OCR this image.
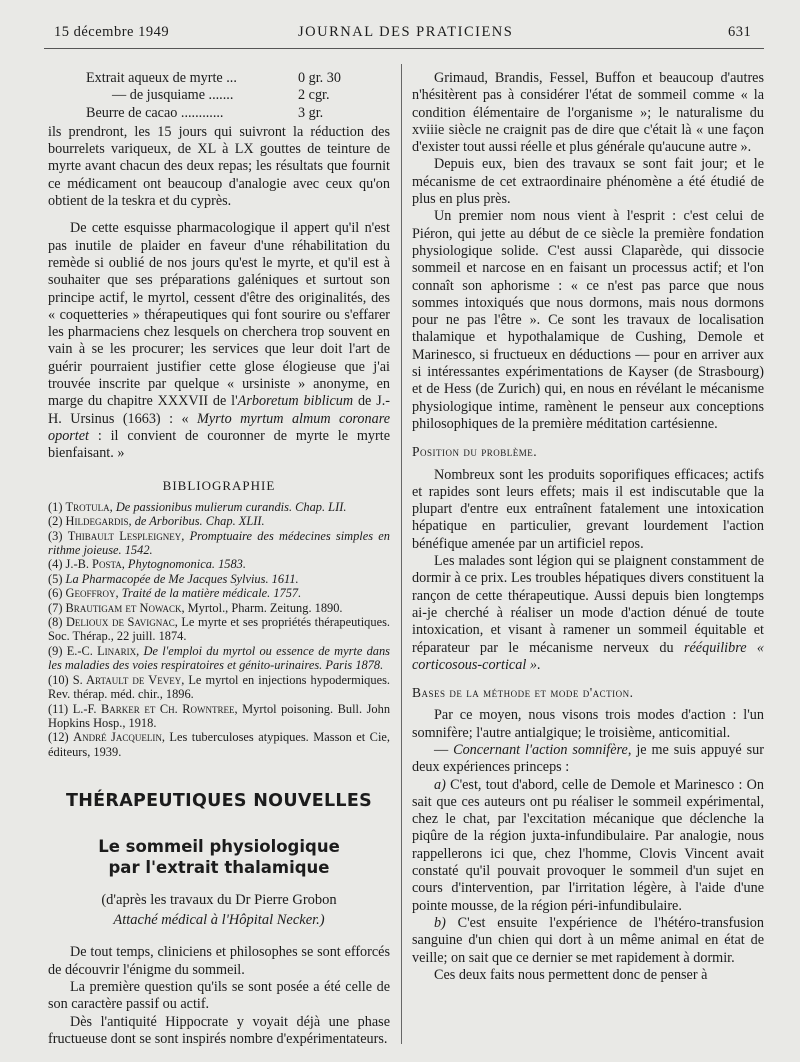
15 décembre 1949	JOURNAL DES PRATICIENS	631
Extrait aqueux de myrte ...	0 gr. 30
— de jusquiame .......	2 cgr.
Beurre de cacao ............	3 gr.

ils prendront, les 15 jours qui suivront la réduction des bourrelets variqueux, de XL à LX gouttes de teinture de myrte avant chacun des deux repas; les résultats que fournit ce médicament ont beaucoup d'analogie avec ceux qu'on obtient de la teskra et du cyprès.

De cette esquisse pharmacologique il appert qu'il n'est pas inutile de plaider en faveur d'une réhabilitation du remède si oublié de nos jours qu'est le myrte, et qu'il est à souhaiter que ses préparations galéniques et surtout son principe actif, le myrtol, cessent d'être des originalités, des « coquetteries » thérapeutiques qui font sourire ou s'effarer les pharmaciens chez lesquels on cherchera trop souvent en vain à se les procurer; les services que leur doit l'art de guérir pourraient justifier cette glose élogieuse que j'ai trouvée inscrite par quelque « ursiniste » anonyme, en marge du chapitre XXXVII de l'Arboretum biblicum de J.-H. Ursinus (1663) : « Myrto myrtum almum coronare oportet : il convient de couronner de myrte le myrte bienfaisant. »

BIBLIOGRAPHIE
(1) Trotula, De passionibus mulierum curandis. Chap. LII.
(2) Hildegardis, de Arboribus. Chap. XLII.
(3) Thibault Lespleigney, Promptuaire des médecines simples en rithme joieuse. 1542.
(4) J.-B. Posta, Phytognomonica. 1583.
(5) La Pharmacopée de Me Jacques Sylvius. 1611.
(6) Geoffroy, Traité de la matière médicale. 1757.
(7) Brautigam et Nowack, Myrtol., Pharm. Zeitung. 1890.
(8) Delioux de Savignac, Le myrte et ses propriétés thérapeutiques. Soc. Thérap., 22 juill. 1874.
(9) E.-C. Linarix, De l'emploi du myrtol ou essence de myrte dans les maladies des voies respiratoires et génito-urinaires. Paris 1878.
(10) S. Artault de Vevey, Le myrtol en injections hypodermiques. Rev. thérap. méd. chir., 1896.
(11) L.-F. Barker et Ch. Rowntree, Myrtol poisoning. Bull. John Hopkins Hosp., 1918.
(12) André Jacquelin, Les tuberculoses atypiques. Masson et Cie, éditeurs, 1939.
THÉRAPEUTIQUES NOUVELLES
Le sommeil physiologique
par l'extrait thalamique
(d'après les travaux du Dr Pierre Grobon
Attaché médical à l'Hôpital Necker.)

De tout temps, cliniciens et philosophes se sont efforcés de découvrir l'énigme du sommeil.

La première question qu'ils se sont posée a été celle de son caractère passif ou actif.

Dès l'antiquité Hippocrate y voyait déjà une phase fructueuse dont se sont inspirés nombre d'expérimentateurs.

Grimaud, Brandis, Fessel, Buffon et beaucoup d'autres n'hésitèrent pas à considérer l'état de sommeil comme « la condition élémentaire de l'organisme »; le naturalisme du xviiie siècle ne craignit pas de dire que c'était là « une façon d'exister tout aussi réelle et plus générale qu'aucune autre ».

Depuis eux, bien des travaux se sont fait jour; et le mécanisme de cet extraordinaire phénomène a été étudié de plus en plus près.

Un premier nom nous vient à l'esprit : c'est celui de Piéron, qui jette au début de ce siècle la première fondation physiologique solide. C'est aussi Claparède, qui dissocie sommeil et narcose en en faisant un processus actif; et l'on connaît son aphorisme : « ce n'est pas parce que nous sommes intoxiqués que nous dormons, mais nous dormons pour ne pas l'être ». Ce sont les travaux de localisation thalamique et hypothalamique de Cushing, Demole et Marinesco, si fructueux en déductions — pour en arriver aux si intéressantes expérimentations de Kayser (de Strasbourg) et de Hess (de Zurich) qui, en nous en révélant le mécanisme physiologique intime, ramènent le penseur aux conceptions philosophiques de la première méditation cartésienne.

Position du problème.

Nombreux sont les produits soporifiques efficaces; actifs et rapides sont leurs effets; mais il est indiscutable que la plupart d'entre eux entraînent fatalement une intoxication hépatique en particulier, grevant lourdement l'action bénéfique amenée par un artificiel repos.

Les malades sont légion qui se plaignent constamment de dormir à ce prix. Les troubles hépatiques divers constituent la rançon de cette thérapeutique. Aussi depuis bien longtemps ai-je cherché à réaliser un mode d'action dénué de toute intoxication, et visant à ramener un sommeil équitable et réparateur par le mécanisme nerveux du rééquilibre « corticosous-cortical ».

Bases de la méthode et mode d'action.

Par ce moyen, nous visons trois modes d'action : l'un somnifère; l'autre antialgique; le troisième, anticomitial.

— Concernant l'action somnifère, je me suis appuyé sur deux expériences princeps :

a) C'est, tout d'abord, celle de Demole et Marinesco : On sait que ces auteurs ont pu réaliser le sommeil expérimental, chez le chat, par l'excitation mécanique que déclenche la piqûre de la région juxta-infundibulaire. Par analogie, nous rappellerons ici que, chez l'homme, Clovis Vincent avait constaté qu'il pouvait provoquer le sommeil d'un sujet en cours d'intervention, par l'irritation légère, à l'aide d'une pointe mousse, de la région péri-infundibulaire.

b) C'est ensuite l'expérience de l'hétéro-transfusion sanguine d'un chien qui dort à un même animal en état de veille; on sait que ce dernier se met rapidement à dormir.

Ces deux faits nous permettent donc de penser à
